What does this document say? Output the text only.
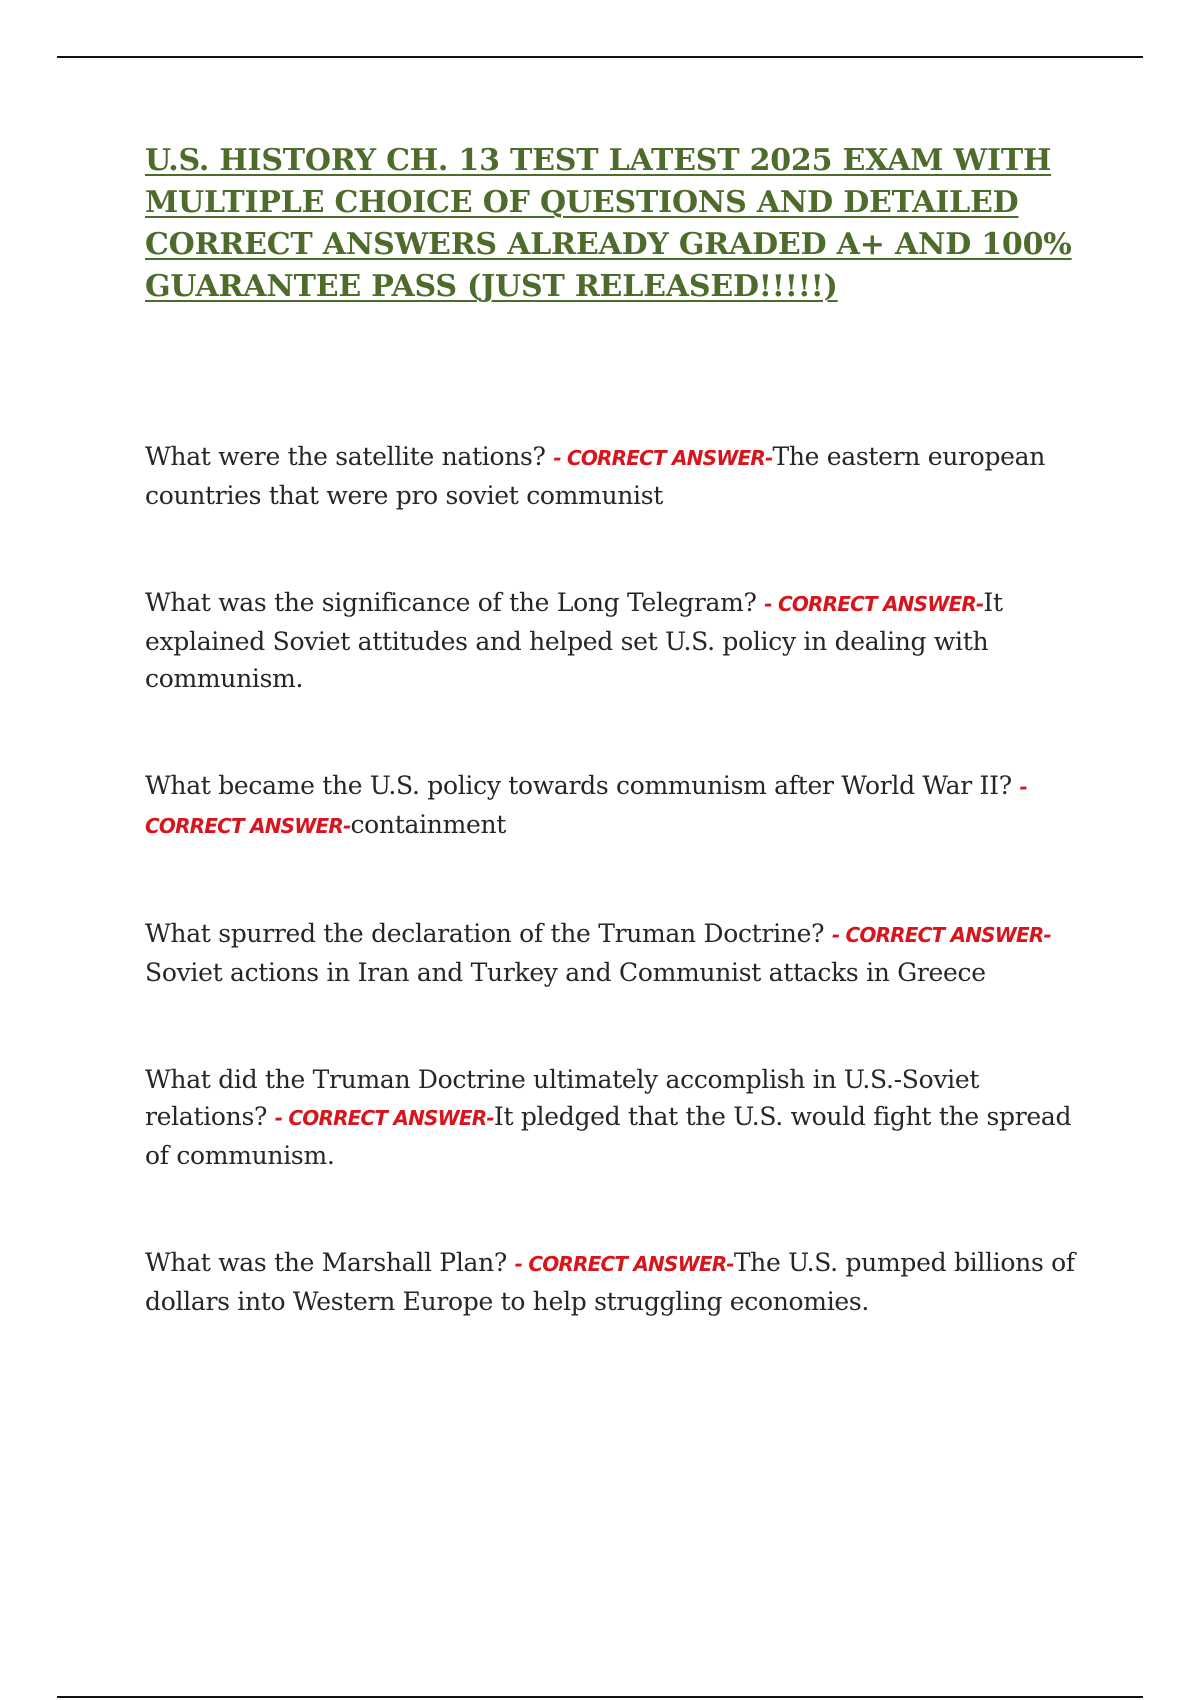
U.S. HISTORY CH. 13 TEST LATEST 2025 EXAM WITH MULTIPLE CHOICE OF QUESTIONS AND DETAILED CORRECT ANSWERS ALREADY GRADED A+ AND 100% GUARANTEE PASS (JUST RELEASED!!!!!)

What were the satellite nations? - CORRECT ANSWER-The eastern european countries that were pro soviet communist

What was the significance of the Long Telegram? - CORRECT ANSWER-It explained Soviet attitudes and helped set U.S. policy in dealing with communism.

What became the U.S. policy towards communism after World War II? - CORRECT ANSWER-containment

What spurred the declaration of the Truman Doctrine? - CORRECT ANSWER-Soviet actions in Iran and Turkey and Communist attacks in Greece

What did the Truman Doctrine ultimately accomplish in U.S.-Soviet relations? - CORRECT ANSWER-It pledged that the U.S. would fight the spread of communism.

What was the Marshall Plan? - CORRECT ANSWER-The U.S. pumped billions of dollars into Western Europe to help struggling economies.
